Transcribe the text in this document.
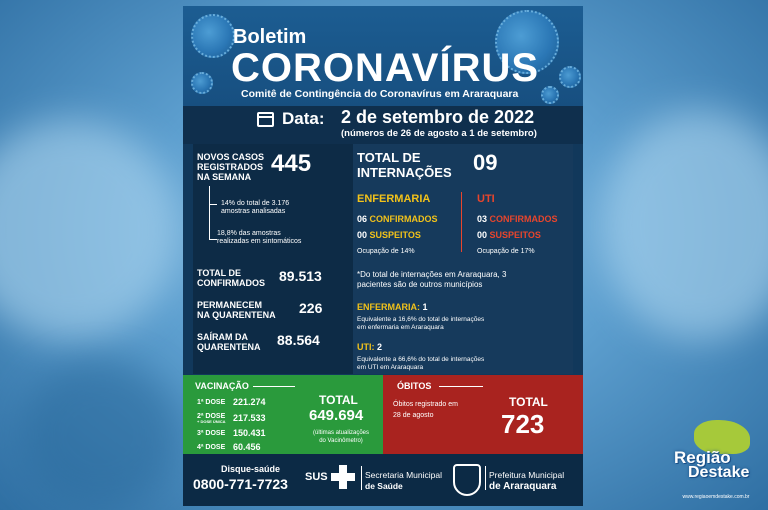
Boletim
CORONAVÍRUS
Comitê de Contingência do Coronavírus em Araraquara
Data: 2 de setembro de 2022
(números de 26 de agosto a 1 de setembro)
NOVOS CASOS
REGISTRADOS
NA SEMANA 445
14% do total de 3.176
amostras analisadas
18,8% das amostras
realizadas em sintomáticos
TOTAL DE
CONFIRMADOS 89.513
PERMANECEM
NA QUARENTENA 226
SAÍRAM DA
QUARENTENA 88.564
TOTAL DE
INTERNAÇÕES 09
ENFERMARIA
06 CONFIRMADOS
00 SUSPEITOS
Ocupação de 14%
UTI
03 CONFIRMADOS
00 SUSPEITOS
Ocupação de 17%
*Do total de internações em Araraquara, 3
pacientes são de outros municípios
ENFERMARIA: 1
Equivalente a 16,6% do total de internações
em enfermaria em Araraquara
UTI: 2
Equivalente a 66,6% do total de internações
em UTI em Araraquara
VACINAÇÃO
1ª DOSE 221.274
2ª DOSE
+ DOSE ÚNICA 217.533
3ª DOSE 150.431
4ª DOSE 60.456
TOTAL
649.694
(últimas atualizações
do Vacinômetro)
ÓBITOS
Óbitos registrado em
28 de agosto
TOTAL
723
Disque-saúde
0800-771-7723 SUS	Secretaria Municipal
de Saúde
Prefeitura Municipal
de Araraquara
Região
Destake
www.regiaoemdestake.com.br
